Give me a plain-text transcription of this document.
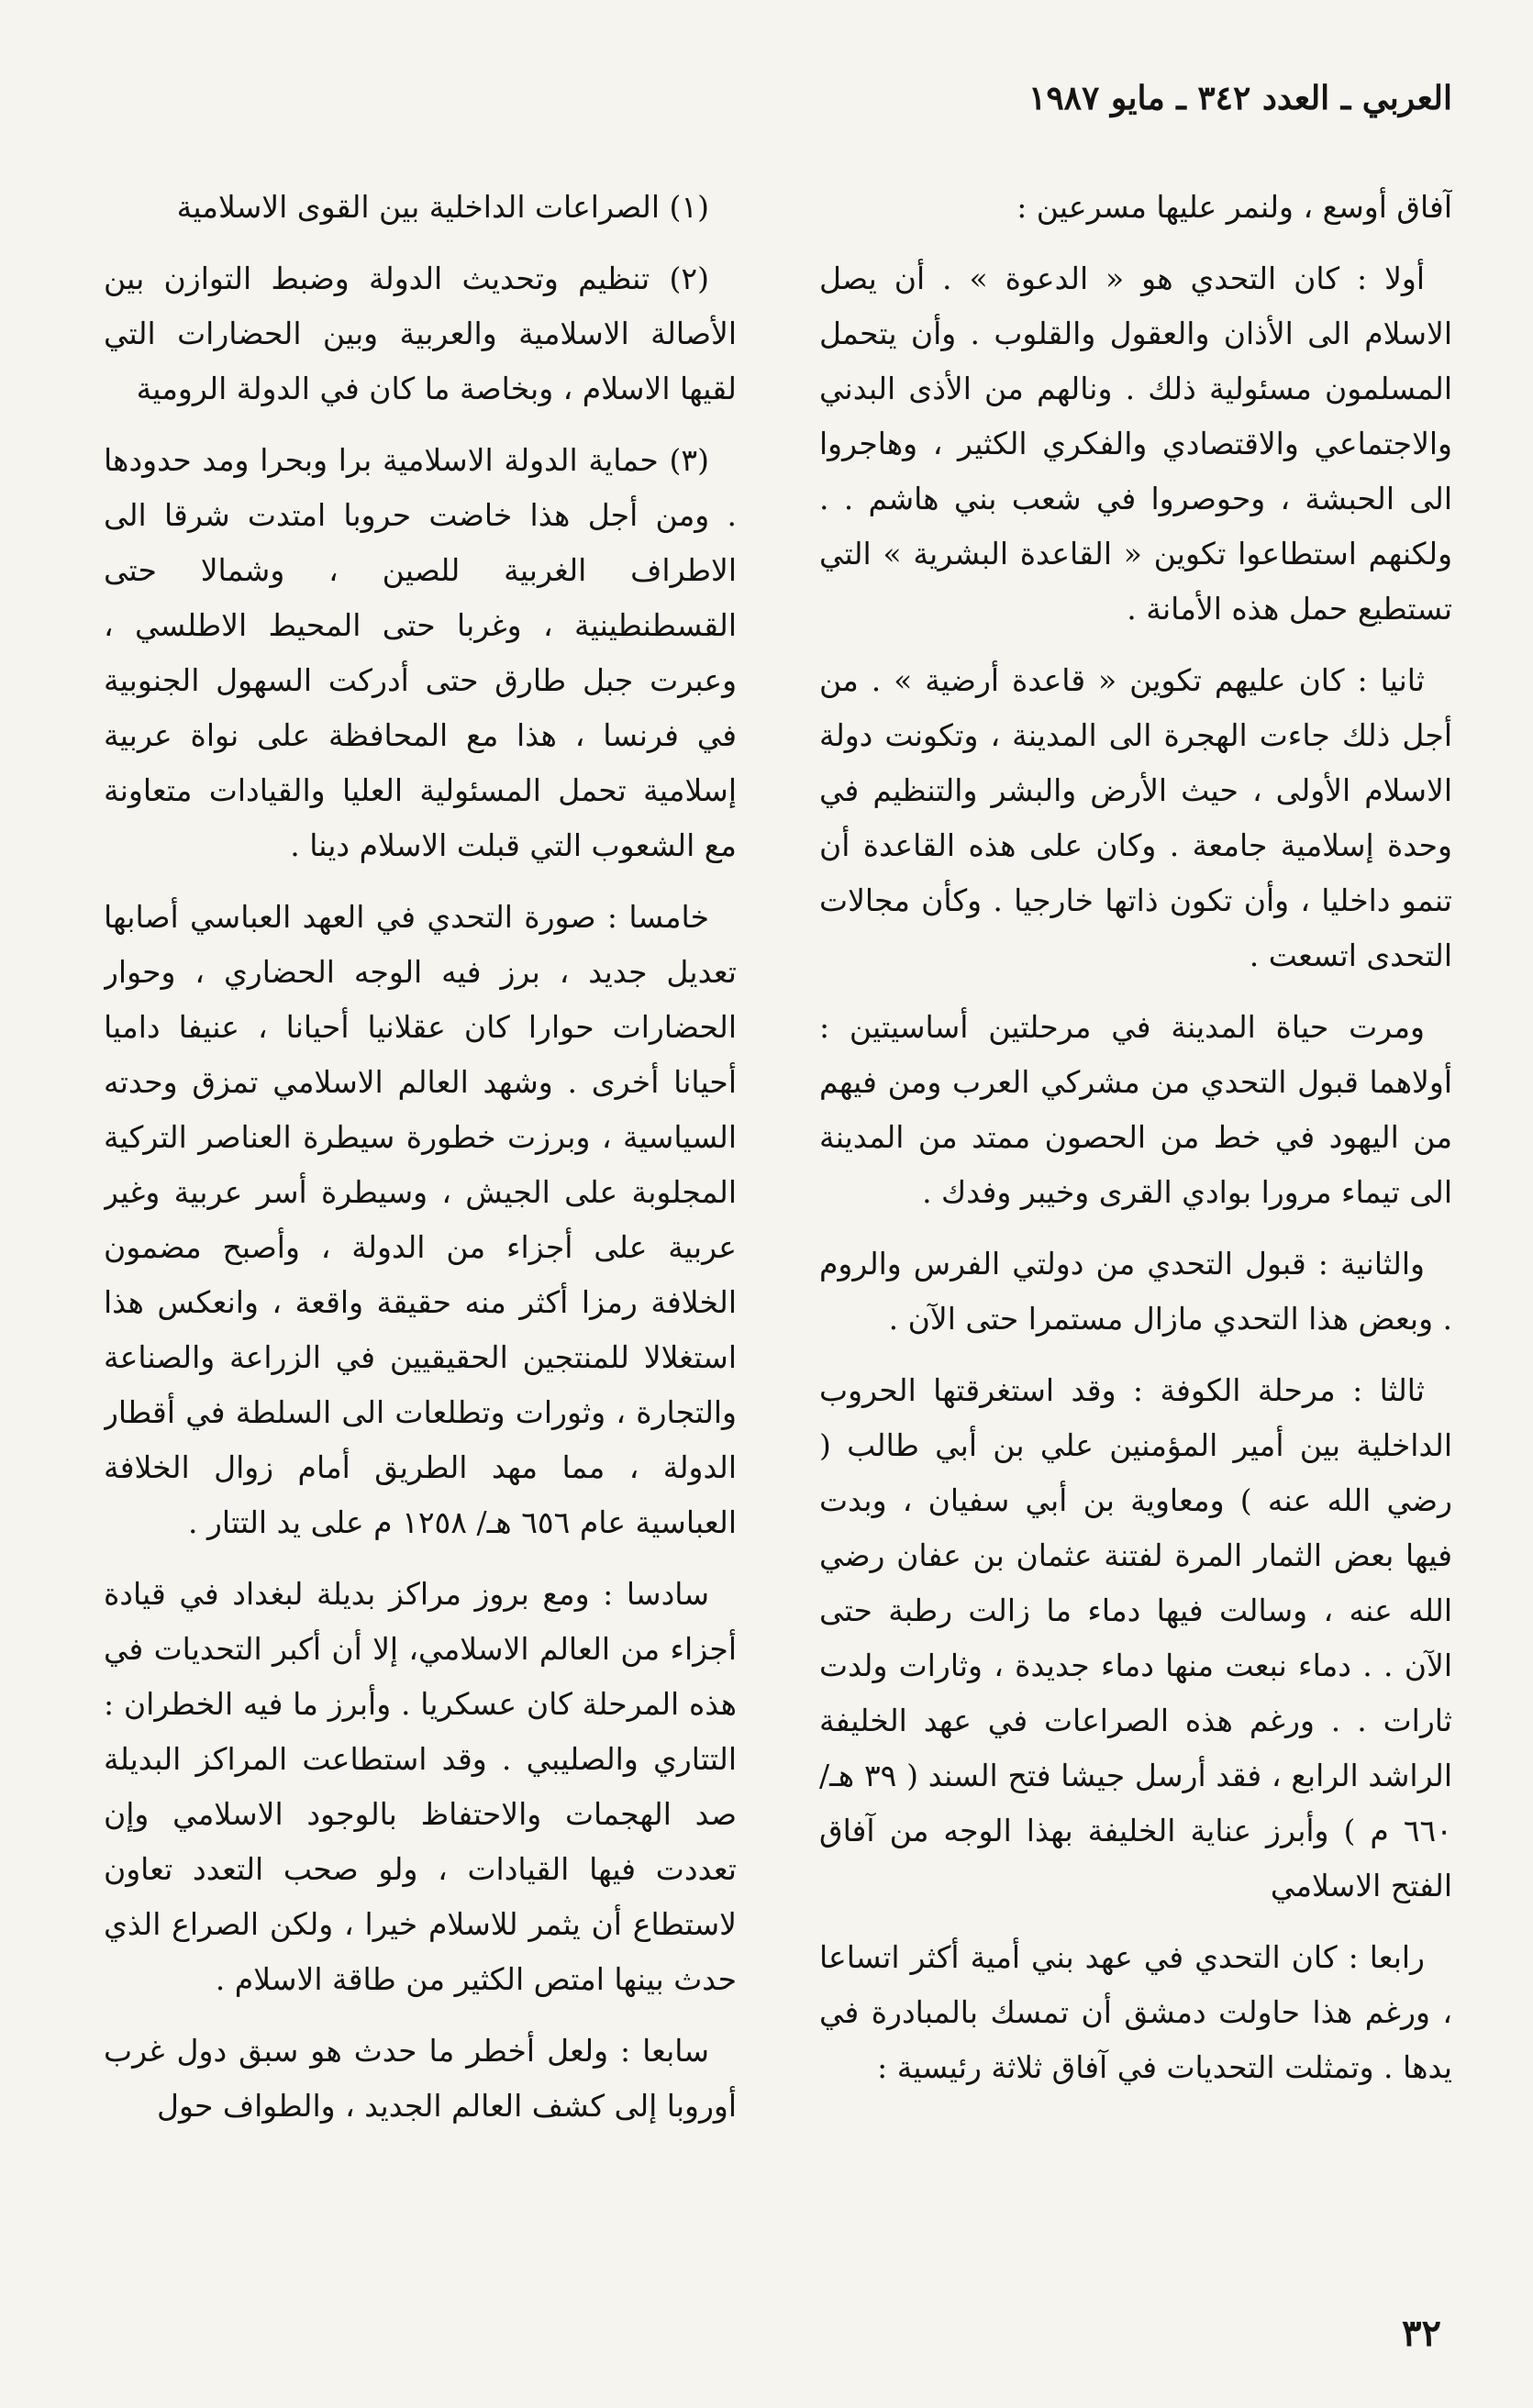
العربي ـ العدد ٣٤٢ ـ مايو ١٩٨٧

آفاق أوسع ، ولنمر عليها مسرعين :

أولا : كان التحدي هو « الدعوة » . أن يصل الاسلام الى الأذان والعقول والقلوب . وأن يتحمل المسلمون مسئولية ذلك . ونالهم من الأذى البدني والاجتماعي والاقتصادي والفكري الكثير ، وهاجروا الى الحبشة ، وحوصروا في شعب بني هاشم . . ولكنهم استطاعوا تكوين « القاعدة البشرية » التي تستطيع حمل هذه الأمانة .

ثانيا : كان عليهم تكوين « قاعدة أرضية » . من أجل ذلك جاءت الهجرة الى المدينة ، وتكونت دولة الاسلام الأولى ، حيث الأرض والبشر والتنظيم في وحدة إسلامية جامعة . وكان على هذه القاعدة أن تنمو داخليا ، وأن تكون ذاتها خارجيا . وكأن مجالات التحدى اتسعت .

ومرت حياة المدينة في مرحلتين أساسيتين : أولاهما قبول التحدي من مشركي العرب ومن فيهم من اليهود في خط من الحصون ممتد من المدينة الى تيماء مرورا بوادي القرى وخيبر وفدك .

والثانية : قبول التحدي من دولتي الفرس والروم . وبعض هذا التحدي مازال مستمرا حتى الآن .

ثالثا : مرحلة الكوفة : وقد استغرقتها الحروب الداخلية بين أمير المؤمنين علي بن أبي طالب ( رضي الله عنه ) ومعاوية بن أبي سفيان ، وبدت فيها بعض الثمار المرة لفتنة عثمان بن عفان رضي الله عنه ، وسالت فيها دماء ما زالت رطبة حتى الآن . . دماء نبعت منها دماء جديدة ، وثارات ولدت ثارات . . ورغم هذه الصراعات في عهد الخليفة الراشد الرابع ، فقد أرسل جيشا فتح السند ( ٣٩ هـ/ ٦٦٠ م ) وأبرز عناية الخليفة بهذا الوجه من آفاق الفتح الاسلامي

رابعا : كان التحدي في عهد بني أمية أكثر اتساعا ، ورغم هذا حاولت دمشق أن تمسك بالمبادرة في يدها . وتمثلت التحديات في آفاق ثلاثة رئيسية :

(١) الصراعات الداخلية بين القوى الاسلامية

(٢) تنظيم وتحديث الدولة وضبط التوازن بين الأصالة الاسلامية والعربية وبين الحضارات التي لقيها الاسلام ، وبخاصة ما كان في الدولة الرومية

(٣) حماية الدولة الاسلامية برا وبحرا ومد حدودها . ومن أجل هذا خاضت حروبا امتدت شرقا الى الاطراف الغربية للصين ، وشمالا حتى القسطنطينية ، وغربا حتى المحيط الاطلسي ، وعبرت جبل طارق حتى أدركت السهول الجنوبية في فرنسا ، هذا مع المحافظة على نواة عربية إسلامية تحمل المسئولية العليا والقيادات متعاونة مع الشعوب التي قبلت الاسلام دينا .

خامسا : صورة التحدي في العهد العباسي أصابها تعديل جديد ، برز فيه الوجه الحضاري ، وحوار الحضارات حوارا كان عقلانيا أحيانا ، عنيفا داميا أحيانا أخرى . وشهد العالم الاسلامي تمزق وحدته السياسية ، وبرزت خطورة سيطرة العناصر التركية المجلوبة على الجيش ، وسيطرة أسر عربية وغير عربية على أجزاء من الدولة ، وأصبح مضمون الخلافة رمزا أكثر منه حقيقة واقعة ، وانعكس هذا استغلالا للمنتجين الحقيقيين في الزراعة والصناعة والتجارة ، وثورات وتطلعات الى السلطة في أقطار الدولة ، مما مهد الطريق أمام زوال الخلافة العباسية عام ٦٥٦ هـ/ ١٢٥٨ م على يد التتار .

سادسا : ومع بروز مراكز بديلة لبغداد في قيادة أجزاء من العالم الاسلامي، إلا أن أكبر التحديات في هذه المرحلة كان عسكريا . وأبرز ما فيه الخطران : التتاري والصليبي . وقد استطاعت المراكز البديلة صد الهجمات والاحتفاظ بالوجود الاسلامي وإن تعددت فيها القيادات ، ولو صحب التعدد تعاون لاستطاع أن يثمر للاسلام خيرا ، ولكن الصراع الذي حدث بينها امتص الكثير من طاقة الاسلام .

سابعا : ولعل أخطر ما حدث هو سبق دول غرب أوروبا إلى كشف العالم الجديد ، والطواف حول

٣٢
